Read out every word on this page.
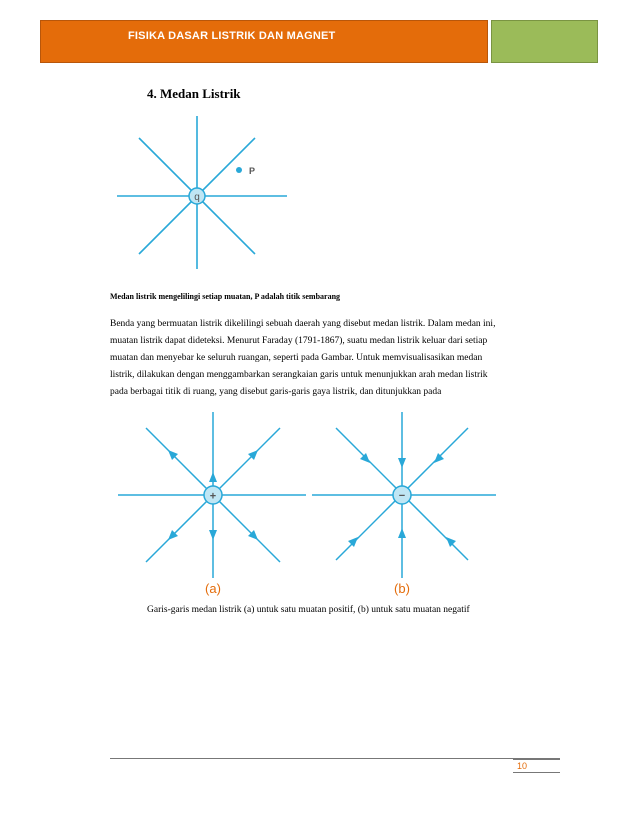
FISIKA DASAR LISTRIK DAN MAGNET
4. Medan Listrik
q
P
Medan listrik mengelilingi setiap muatan, P adalah titik sembarang
Benda yang bermuatan listrik dikelilingi sebuah daerah yang disebut medan listrik. Dalam medan ini,
muatan listrik dapat dideteksi. Menurut Faraday (1791-1867), suatu medan listrik keluar dari setiap
muatan dan menyebar ke seluruh ruangan, seperti pada Gambar. Untuk memvisualisasikan medan
listrik, dilakukan dengan menggambarkan serangkaian garis untuk menunjukkan arah medan listrik
pada berbagai titik di ruang, yang disebut garis-garis gaya listrik, dan ditunjukkan pada
+
(a)
−
(b)
Garis-garis medan listrik (a) untuk satu muatan positif, (b) untuk satu muatan negatif
10
